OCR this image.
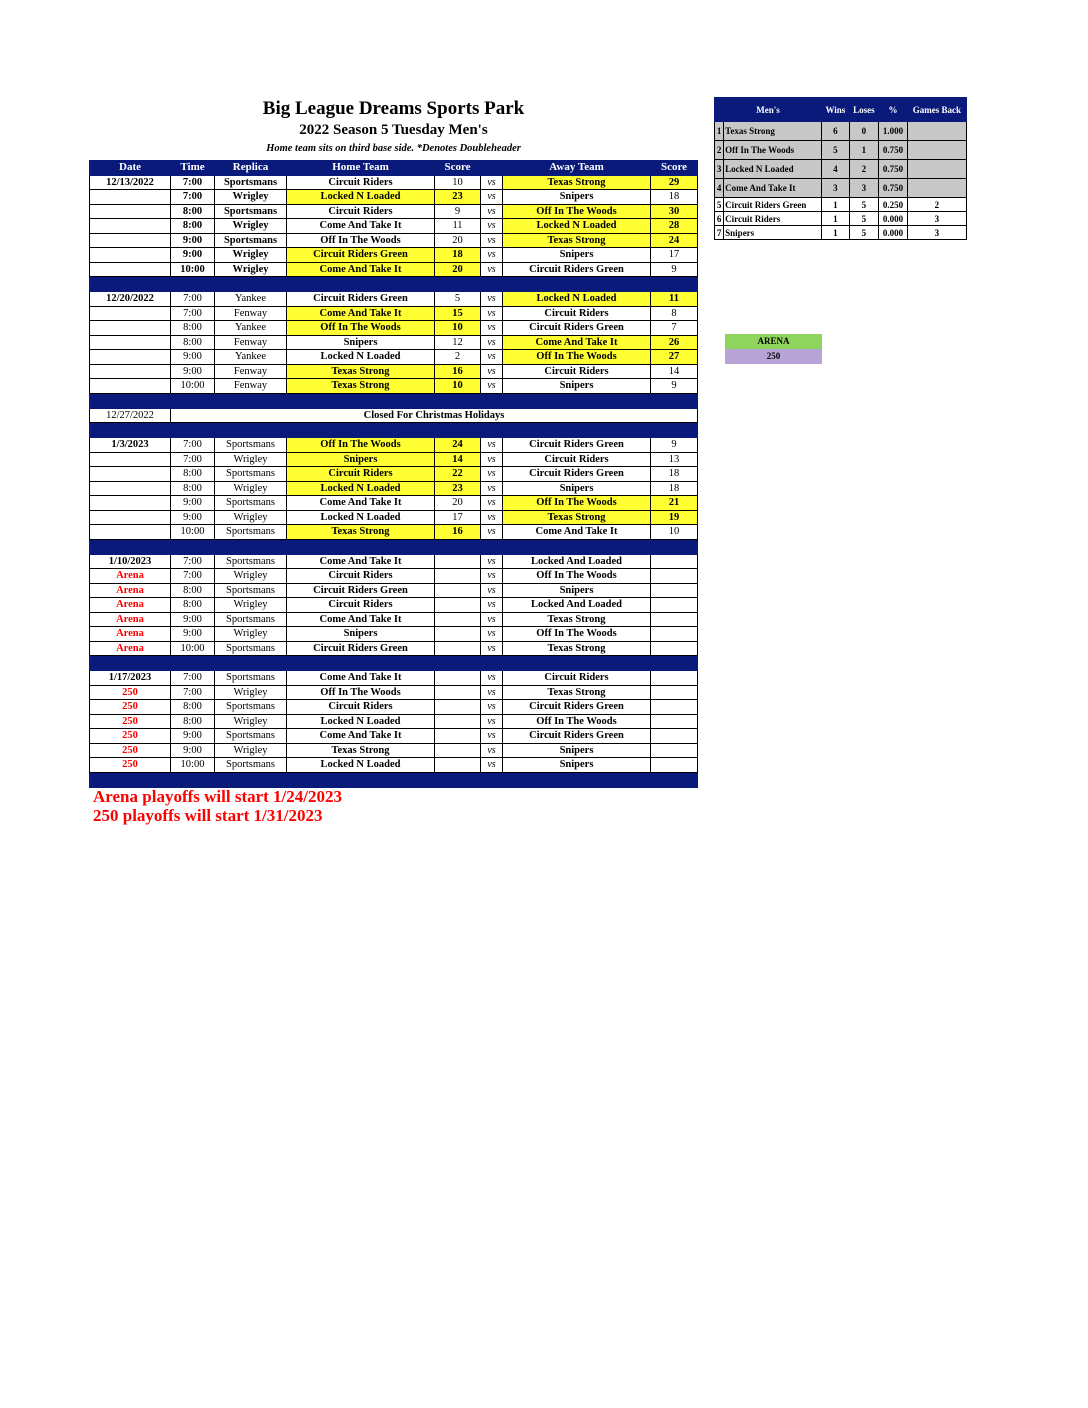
Big League Dreams Sports Park
2022 Season 5 Tuesday Men's
Home team sits on third base side. *Denotes Doubleheader
Date	Time	Replica	Home Team	Score		Away Team	Score
12/13/2022	7:00	Sportsmans	Circuit Riders	10	vs	Texas Strong	29
	7:00	Wrigley	Locked N Loaded	23	vs	Snipers	18
	8:00	Sportsmans	Circuit Riders	9	vs	Off In The Woods	30
	8:00	Wrigley	Come And Take It	11	vs	Locked N Loaded	28
	9:00	Sportsmans	Off In The Woods	20	vs	Texas Strong	24
	9:00	Wrigley	Circuit Riders Green	18	vs	Snipers	17
	10:00	Wrigley	Come And Take It	20	vs	Circuit Riders Green	9

12/20/2022	7:00	Yankee	Circuit Riders Green	5	vs	Locked N Loaded	11
	7:00	Fenway	Come And Take It	15	vs	Circuit Riders	8
	8:00	Yankee	Off In The Woods	10	vs	Circuit Riders Green	7
	8:00	Fenway	Snipers	12	vs	Come And Take It	26
	9:00	Yankee	Locked N Loaded	2	vs	Off In The Woods	27
	9:00	Fenway	Texas Strong	16	vs	Circuit Riders	14
	10:00	Fenway	Texas Strong	10	vs	Snipers	9

12/27/2022	Closed For Christmas Holidays						

1/3/2023	7:00	Sportsmans	Off In The Woods	24	vs	Circuit Riders Green	9
	7:00	Wrigley	Snipers	14	vs	Circuit Riders	13
	8:00	Sportsmans	Circuit Riders	22	vs	Circuit Riders Green	18
	8:00	Wrigley	Locked N Loaded	23	vs	Snipers	18
	9:00	Sportsmans	Come And Take It	20	vs	Off In The Woods	21
	9:00	Wrigley	Locked N Loaded	17	vs	Texas Strong	19
	10:00	Sportsmans	Texas Strong	16	vs	Come And Take It	10

1/10/2023	7:00	Sportsmans	Come And Take It		vs	Locked And Loaded	
Arena	7:00	Wrigley	Circuit Riders		vs	Off In The Woods	
Arena	8:00	Sportsmans	Circuit Riders Green		vs	Snipers	
Arena	8:00	Wrigley	Circuit Riders		vs	Locked And Loaded	
Arena	9:00	Sportsmans	Come And Take It		vs	Texas Strong	
Arena	9:00	Wrigley	Snipers		vs	Off In The Woods	
Arena	10:00	Sportsmans	Circuit Riders Green		vs	Texas Strong	

1/17/2023	7:00	Sportsmans	Come And Take It		vs	Circuit Riders	
250	7:00	Wrigley	Off In The Woods		vs	Texas Strong	
250	8:00	Sportsmans	Circuit Riders		vs	Circuit Riders Green	
250	8:00	Wrigley	Locked N Loaded		vs	Off In The Woods	
250	9:00	Sportsmans	Come And Take It		vs	Circuit Riders Green	
250	9:00	Wrigley	Texas Strong		vs	Snipers	
250	10:00	Sportsmans	Locked N Loaded		vs	Snipers	

Men's		Wins	Loses	%	Games Back
1	Texas Strong	6	0	1.000	
2	Off In The Woods	5	1	0.750	
3	Locked N Loaded	4	2	0.750	
4	Come And Take It	3	3	0.750	
5	Circuit Riders Green	1	5	0.250	2
6	Circuit Riders	1	5	0.000	3
7	Snipers	1	5	0.000	3
ARENA
250
Arena playoffs will start 1/24/2023
250 playoffs will start 1/31/2023
